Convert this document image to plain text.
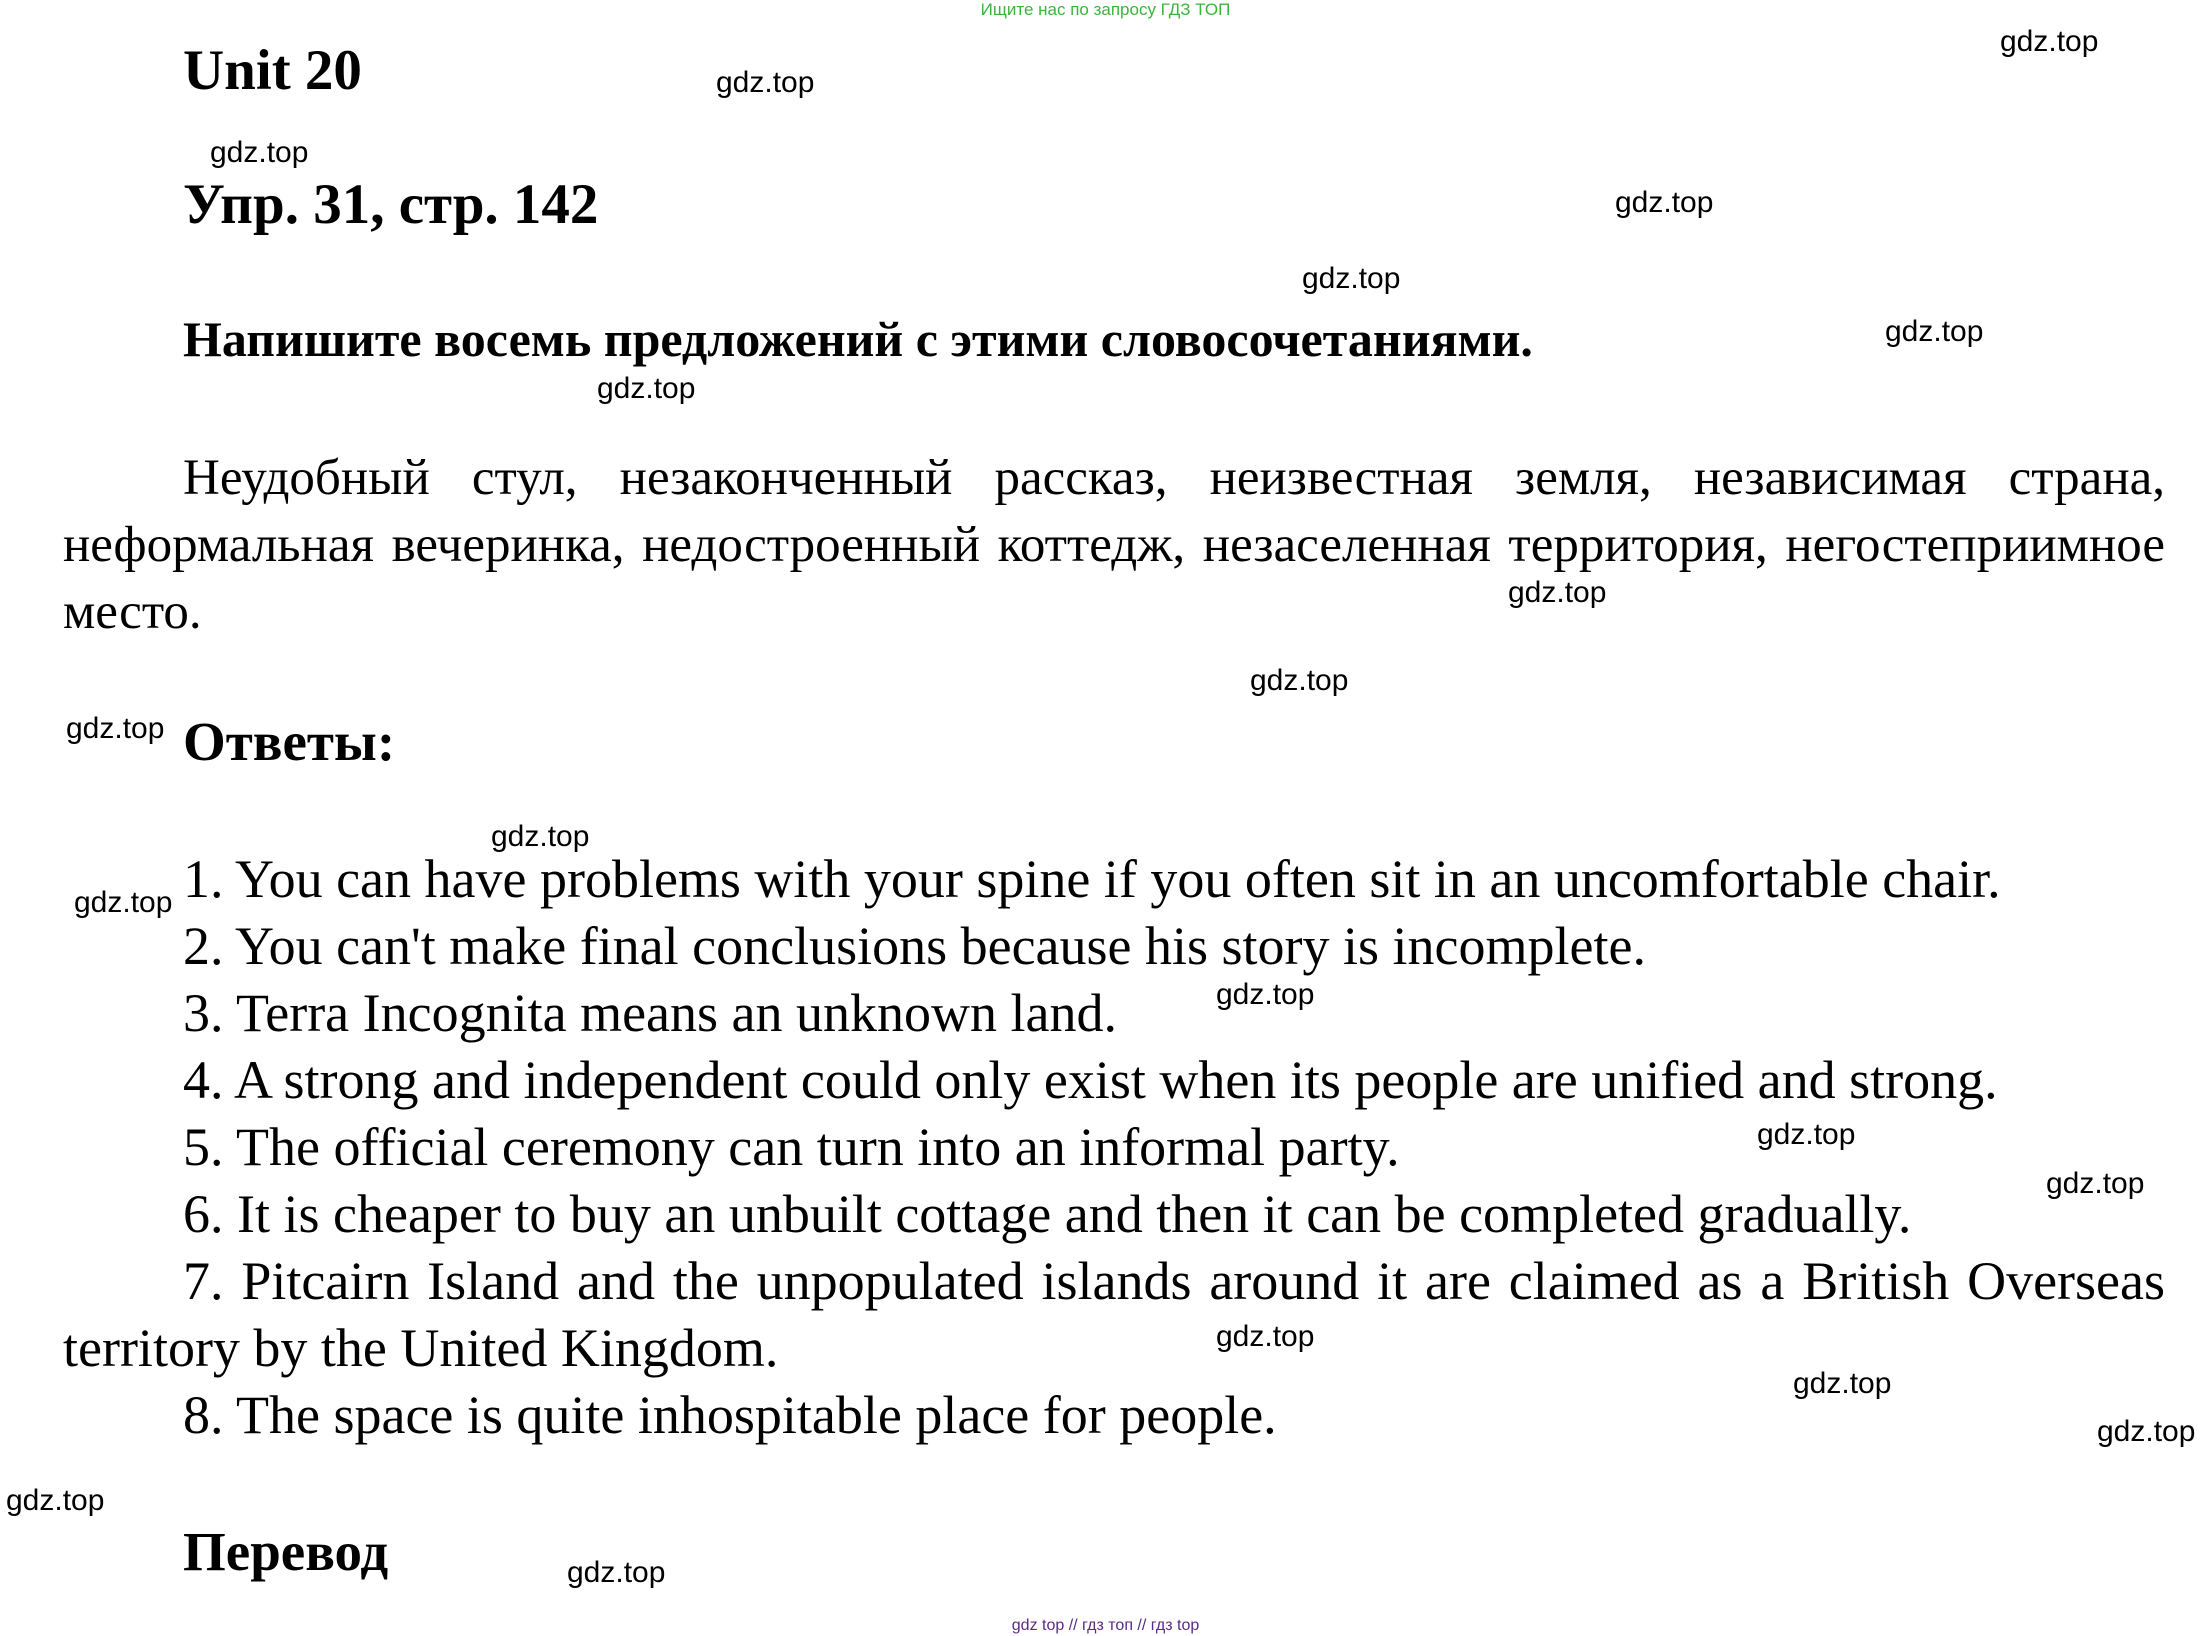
Ищите нас по запросу ГДЗ ТОП
Unit 20
Упр. 31, стр. 142
Напишите восемь предложений с этими словосочетаниями.

Неудобный стул, незаконченный рассказ, неизвестная земля, независимая страна, неформальная вечеринка, недостроенный коттедж, незаселенная территория, негостеприимное место.

Ответы:
1. You can have problems with your spine if you often sit in an uncomfortable chair.
2. You can't make final conclusions because his story is incomplete.
3. Terra Incognita means an unknown land.
4. A strong and independent could only exist when its people are unified and strong.
5. The official ceremony can turn into an informal party.
6. It is cheaper to buy an unbuilt cottage and then it can be completed gradually.
7. Pitcairn Island and the unpopulated islands around it are claimed as a British Overseas territory by the United Kingdom.
8. The space is quite inhospitable place for people.
Перевод
gdz.top
gdz.top
gdz.top
gdz.top
gdz.top
gdz.top
gdz.top
gdz.top
gdz.top
gdz.top
gdz.top
gdz.top
gdz.top
gdz.top
gdz.top
gdz.top
gdz.top
gdz.top
gdz.top
gdz.top
gdz top // гдз топ // гдз top
